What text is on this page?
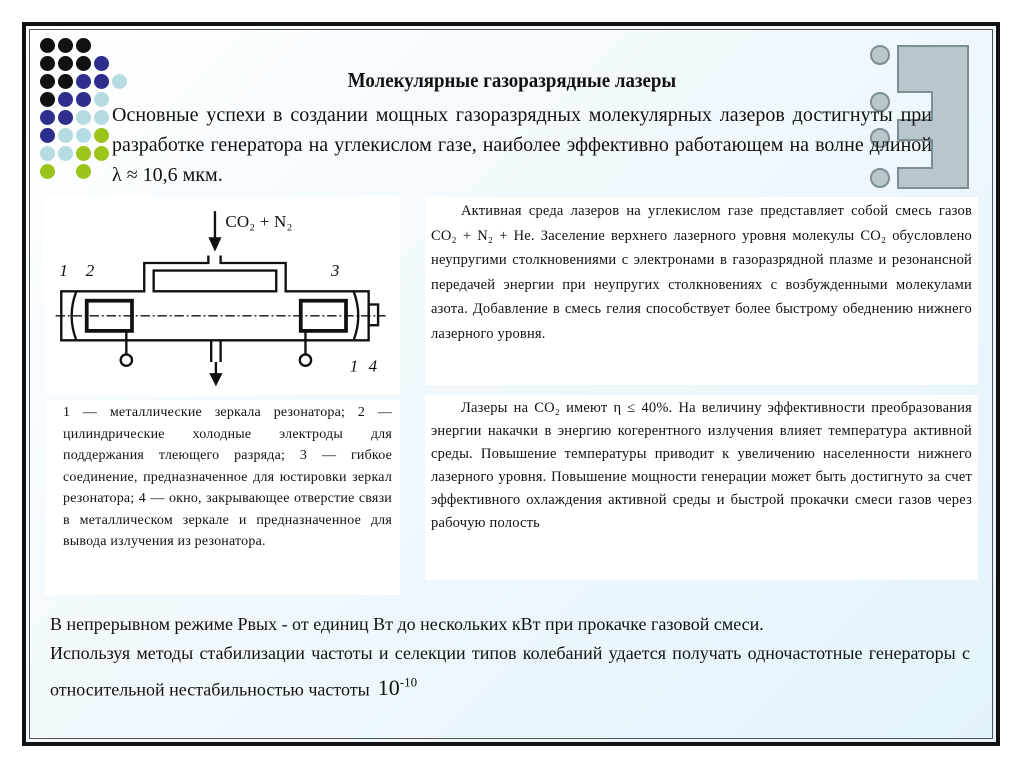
Молекулярные газоразрядные лазеры
Основные успехи в создании мощных газоразрядных молекулярных лазеров достигнуты при разработке генератора на углекислом газе, наиболее эффективно работающем на волне длиной λ ≈ 10,6 мкм.
CO₂ + N₂
1 2	3
1 4
Активная среда лазеров на углекислом газе представляет собой смесь газов CO₂ + N₂ + He. Заселение верхнего лазерного уровня молекулы CO₂ обусловлено неупругими столкновениями с электронами в газоразрядной плазме и резонансной передачей энергии при неупругих столкновениях с возбужденными молекулами азота. Добавление в смесь гелия способствует более быстрому обеднению нижнего лазерного уровня.
1 — металлические зеркала резонатора; 2 — цилиндрические холодные электроды для поддержания тлеющего разряда; 3 — гибкое соединение, предназначенное для юстировки зеркал резонатора; 4 — окно, закрывающее отверстие связи в металлическом зеркале и предназначенное для вывода излучения из резонатора.
Лазеры на CO₂ имеют η ≤ 40%. На величину эффективности преобразования энергии накачки в энергию когерентного излучения влияет температура активной среды. Повышение температуры приводит к увеличению населенности нижнего лазерного уровня. Повышение мощности генерации может быть достигнуто за счет эффективного охлаждения активной среды и быстрой прокачки смеси газов через рабочую полость
В непрерывном режиме Pвых - от единиц Вт до нескольких кВт при прокачке газовой смеси.
Используя методы стабилизации частоты и селекции типов колебаний удается получать одночастотные генераторы с относительной нестабильностью частоты $10^{-10}$
